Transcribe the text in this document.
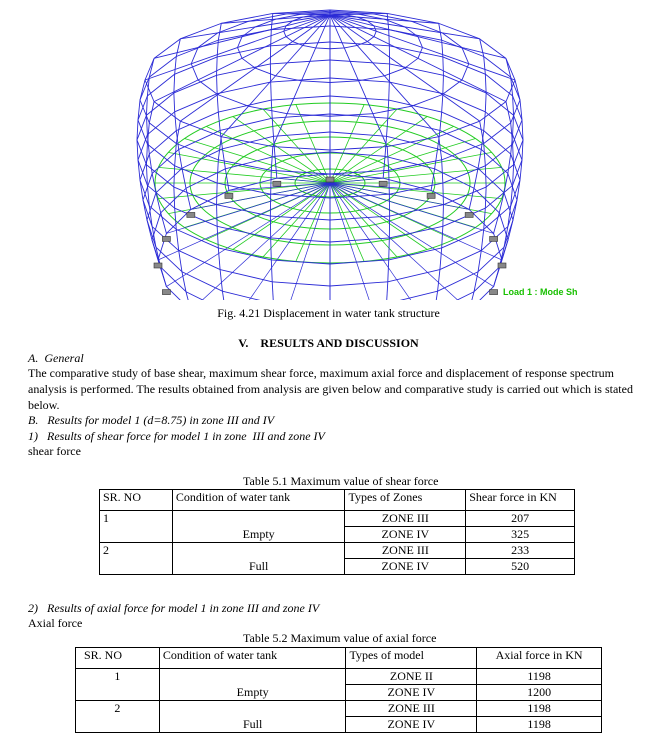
Load 1 : Mode Sh
Fig. 4.21 Displacement in water tank structure
V.    RESULTS AND DISCUSSION
A.  General
The comparative study of base shear, maximum shear force, maximum axial force and displacement of response spectrum analysis is performed. The results obtained from analysis are given below and comparative study is carried out which is stated below.
B.   Results for model 1 (d=8.75) in zone III and IV
1)   Results of shear force for model 1 in zone  III and zone IV
shear force
Table 5.1 Maximum value of shear force
SR. NO	Condition of water tank	Types of Zones	Shear force in KN
1	Empty	ZONE III	207
		ZONE IV	325
2	Full	ZONE III	233
		ZONE IV	520
2)   Results of axial force for model 1 in zone III and zone IV
Axial force
Table 5.2 Maximum value of axial force
SR. NO	Condition of water tank	Types of model	Axial force in KN
1	Empty	ZONE II	1198
		ZONE IV	1200
2	Full	ZONE III	1198
		ZONE IV	1198
